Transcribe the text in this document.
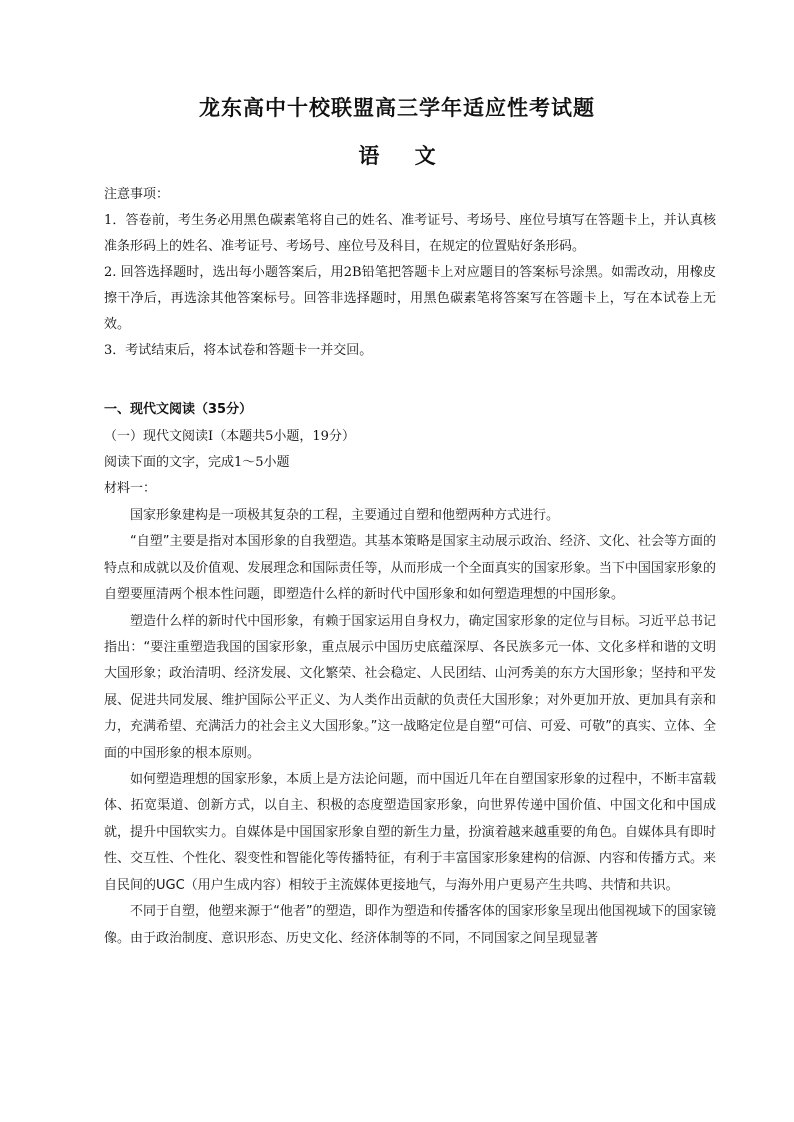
龙东高中十校联盟高三学年适应性考试题
语 文

注意事项：

1．答卷前，考生务必用黑色碳素笔将自己的姓名、准考证号、考场号、座位号填写在答题卡上，并认真核准条形码上的姓名、准考证号、考场号、座位号及科目，在规定的位置贴好条形码。

2. 回答选择题时，选出每小题答案后，用2B铅笔把答题卡上对应题目的答案标号涂黑。如需改动，用橡皮擦干净后，再选涂其他答案标号。回答非选择题时，用黑色碳素笔将答案写在答题卡上，写在本试卷上无效。

3．考试结束后，将本试卷和答题卡一并交回。

一、现代文阅读（35分）

（一）现代文阅读Ⅰ（本题共5小题，19分）

阅读下面的文字，完成1～5小题

材料一：

国家形象建构是一项极其复杂的工程，主要通过自塑和他塑两种方式进行。

“自塑”主要是指对本国形象的自我塑造。其基本策略是国家主动展示政治、经济、文化、社会等方面的特点和成就以及价值观、发展理念和国际责任等，从而形成一个全面真实的国家形象。当下中国国家形象的自塑要厘清两个根本性问题，即塑造什么样的新时代中国形象和如何塑造理想的中国形象。

塑造什么样的新时代中国形象，有赖于国家运用自身权力，确定国家形象的定位与目标。习近平总书记指出：“要注重塑造我国的国家形象，重点展示中国历史底蕴深厚、各民族多元一体、文化多样和谐的文明大国形象；政治清明、经济发展、文化繁荣、社会稳定、人民团结、山河秀美的东方大国形象；坚持和平发展、促进共同发展、维护国际公平正义、为人类作出贡献的负责任大国形象；对外更加开放、更加具有亲和力，充满希望、充满活力的社会主义大国形象。”这一战略定位是自塑“可信、可爱、可敬”的真实、立体、全面的中国形象的根本原则。

如何塑造理想的国家形象，本质上是方法论问题，而中国近几年在自塑国家形象的过程中，不断丰富载体、拓宽渠道、创新方式，以自主、积极的态度塑造国家形象，向世界传递中国价值、中国文化和中国成就，提升中国软实力。自媒体是中国国家形象自塑的新生力量，扮演着越来越重要的角色。自媒体具有即时性、交互性、个性化、裂变性和智能化等传播特征，有利于丰富国家形象建构的信源、内容和传播方式。来自民间的UGC（用户生成内容）相较于主流媒体更接地气，与海外用户更易产生共鸣、共情和共识。

不同于自塑，他塑来源于“他者”的塑造，即作为塑造和传播客体的国家形象呈现出他国视域下的国家镜像。由于政治制度、意识形态、历史文化、经济体制等的不同，不同国家之间呈现显著
